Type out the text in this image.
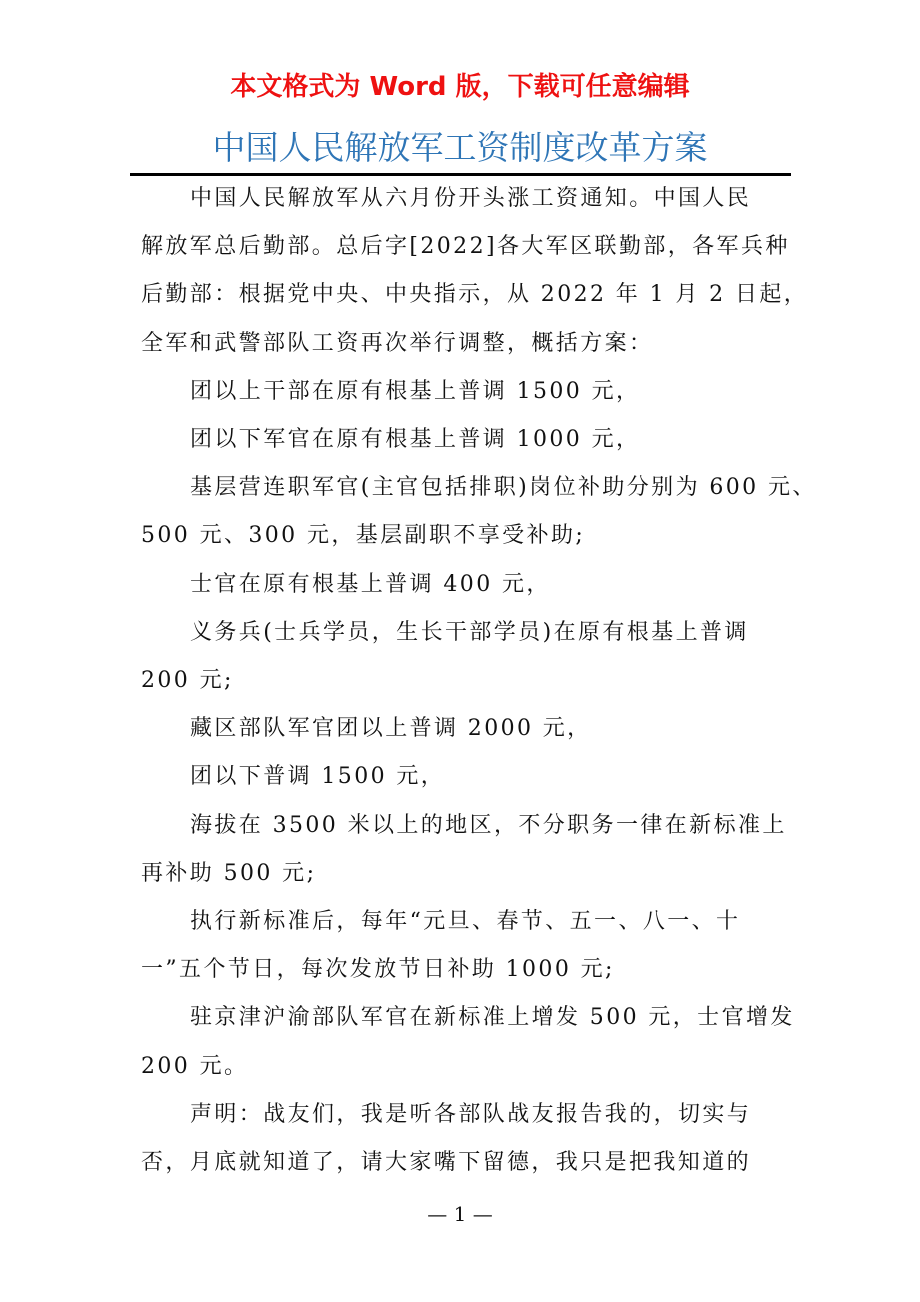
本文格式为 Word 版，下载可任意编辑
中国人民解放军工资制度改革方案
中国人民解放军从六月份开头涨工资通知。中国人民
解放军总后勤部。总后字[2022]各大军区联勤部，各军兵种
后勤部：根据党中央、中央指示，从 2022 年 1 月 2 日起，
全军和武警部队工资再次举行调整，概括方案：
团以上干部在原有根基上普调 1500 元，
团以下军官在原有根基上普调 1000 元，
基层营连职军官(主官包括排职)岗位补助分别为 600 元、
500 元、300 元，基层副职不享受补助;
士官在原有根基上普调 400 元，
义务兵(士兵学员，生长干部学员)在原有根基上普调
200 元;
藏区部队军官团以上普调 2000 元，
团以下普调 1500 元，
海拔在 3500 米以上的地区，不分职务一律在新标准上
再补助 500 元;
执行新标准后，每年“元旦、春节、五一、八一、十
一”五个节日，每次发放节日补助 1000 元;
驻京津沪渝部队军官在新标准上增发 500 元，士官增发
200 元。
声明：战友们，我是听各部队战友报告我的，切实与
否，月底就知道了，请大家嘴下留德，我只是把我知道的
— 1 —
